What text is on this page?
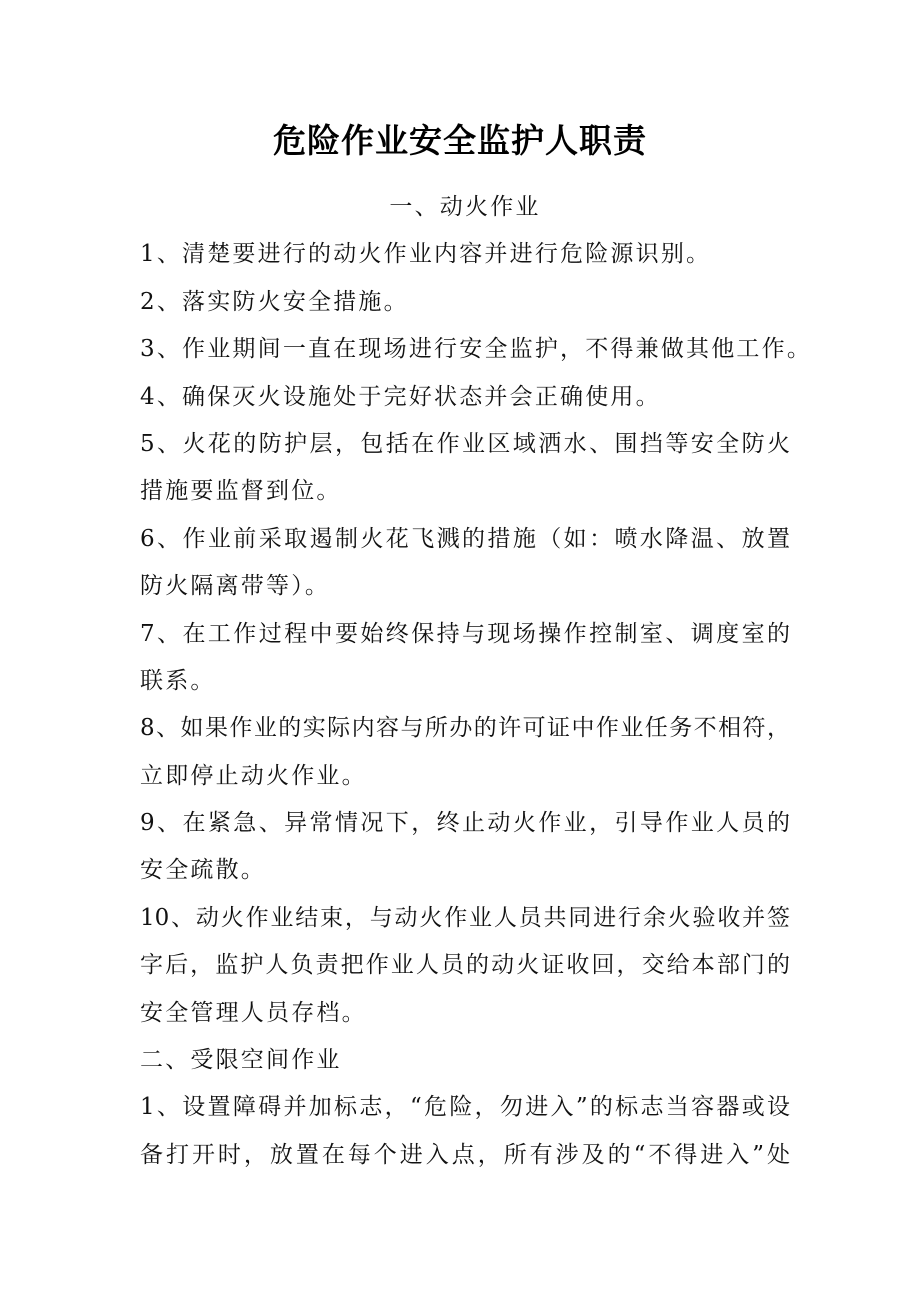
危险作业安全监护人职责
一、动火作业
1、清楚要进行的动火作业内容并进行危险源识别。
2、落实防火安全措施。
3、作业期间一直在现场进行安全监护，不得兼做其他工作。
4、确保灭火设施处于完好状态并会正确使用。
5、火花的防护层，包括在作业区域洒水、围挡等安全防火
措施要监督到位。
6、作业前采取遏制火花飞溅的措施（如：喷水降温、放置
防火隔离带等）。
7、在工作过程中要始终保持与现场操作控制室、调度室的
联系。
8、如果作业的实际内容与所办的许可证中作业任务不相符，
立即停止动火作业。
9、在紧急、异常情况下，终止动火作业，引导作业人员的
安全疏散。
10、动火作业结束，与动火作业人员共同进行余火验收并签
字后，监护人负责把作业人员的动火证收回，交给本部门的
安全管理人员存档。
二、受限空间作业
1、设置障碍并加标志，“危险，勿进入”的标志当容器或设
备打开时，放置在每个进入点，所有涉及的“不得进入”处
